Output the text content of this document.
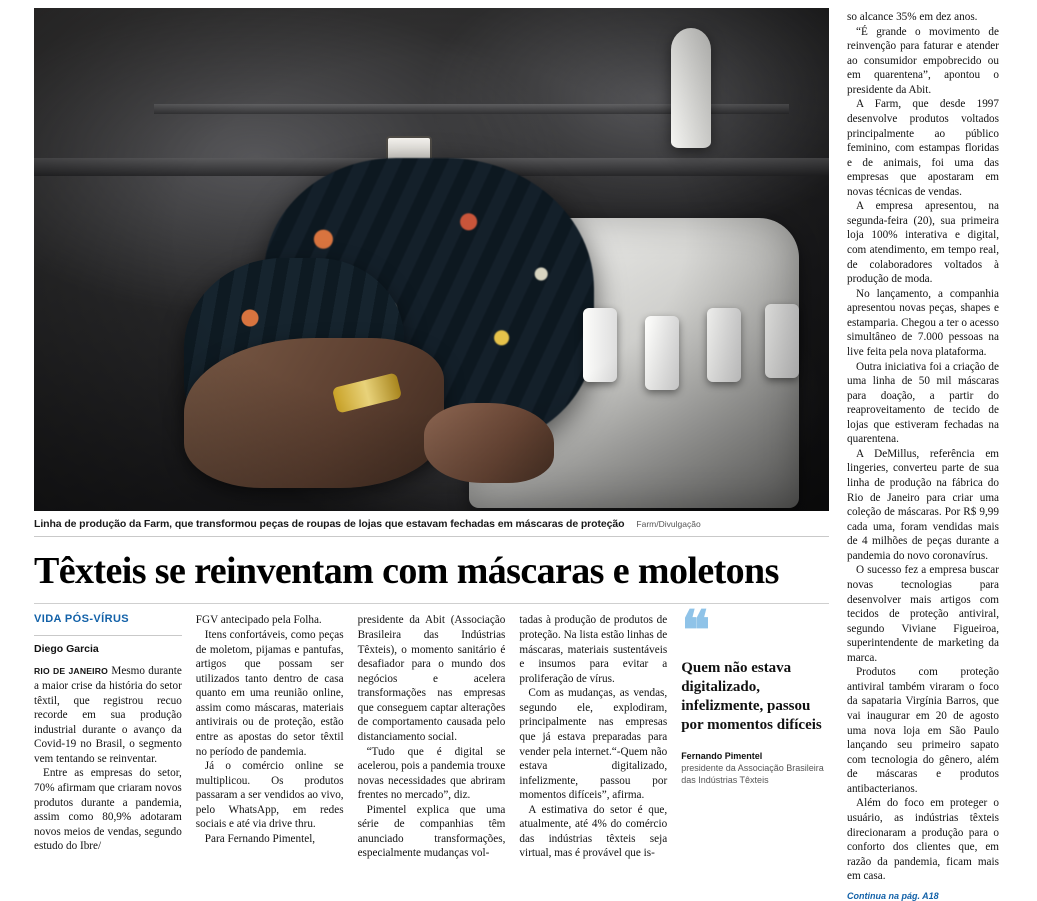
Linha de produção da Farm, que transformou peças de roupas de lojas que estavam fechadas em máscaras de proteção Farm/Divulgação
Têxteis se reinventam com máscaras e moletons
VIDA PÓS-VÍRUS
Diego Garcia

RIO DE JANEIRO Mesmo durante a maior crise da história do setor têxtil, que registrou recuo recorde em sua produção industrial durante o avanço da Covid-19 no Brasil, o segmento vem tentando se reinventar.

Entre as empresas do setor, 70% afirmam que criaram novos produtos durante a pandemia, assim como 80,9% adotaram novos meios de vendas, segundo estudo do Ibre/

FGV antecipado pela Folha.

Itens confortáveis, como peças de moletom, pijamas e pantufas, artigos que possam ser utilizados tanto dentro de casa quanto em uma reunião online, assim como máscaras, materiais antivirais ou de proteção, estão entre as apostas do setor têxtil no período de pandemia.

Já o comércio online se multiplicou. Os produtos passaram a ser vendidos ao vivo, pelo WhatsApp, em redes sociais e até via drive thru.

Para Fernando Pimentel,

presidente da Abit (Associação Brasileira das Indústrias Têxteis), o momento sanitário é desafiador para o mundo dos negócios e acelera transformações nas empresas que conseguem captar alterações de comportamento causada pelo distanciamento social.

“Tudo que é digital se acelerou, pois a pandemia trouxe novas necessidades que abriram frentes no mercado”, diz.

Pimentel explica que uma série de companhias têm anunciado transformações, especialmente mudanças vol-

tadas à produção de produtos de proteção. Na lista estão linhas de máscaras, materiais sustentáveis e insumos para evitar a proliferação de vírus.

Com as mudanças, as vendas, segundo ele, explodiram, principalmente nas empresas que já estava preparadas para vender pela internet.“-Quem não estava digitalizado, infelizmente, passou por momentos difíceis”, afirma.

A estimativa do setor é que, atualmente, até 4% do comércio das indústrias têxteis seja virtual, mas é provável que is-

❝
Quem não estava digitalizado, infelizmente, passou por momentos difíceis
Fernando Pimentel
presidente da Associação Brasileira das Indústrias Têxteis

so alcance 35% em dez anos.

“É grande o movimento de reinvenção para faturar e atender ao consumidor empobrecido ou em quarentena”, apontou o presidente da Abit.

A Farm, que desde 1997 desenvolve produtos voltados principalmente ao público feminino, com estampas floridas e de animais, foi uma das empresas que apostaram em novas técnicas de vendas.

A empresa apresentou, na segunda-feira (20), sua primeira loja 100% interativa e digital, com atendimento, em tempo real, de colaboradores voltados à produção de moda.

No lançamento, a companhia apresentou novas peças, shapes e estamparia. Chegou a ter o acesso simultâneo de 7.000 pessoas na live feita pela nova plataforma.

Outra iniciativa foi a criação de uma linha de 50 mil máscaras para doação, a partir do reaproveitamento de tecido de lojas que estiveram fechadas na quarentena.

A DeMillus, referência em lingeries, converteu parte de sua linha de produção na fábrica do Rio de Janeiro para criar uma coleção de máscaras. Por R$ 9,99 cada uma, foram vendidas mais de 4 milhões de peças durante a pandemia do novo coronavírus.

O sucesso fez a empresa buscar novas tecnologias para desenvolver mais artigos com tecidos de proteção antiviral, segundo Viviane Figueiroa, superintendente de marketing da marca.

Produtos com proteção antiviral também viraram o foco da sapataria Virgínia Barros, que vai inaugurar em 20 de agosto uma nova loja em São Paulo lançando seu primeiro sapato com tecnologia do gênero, além de máscaras e produtos antibacterianos.

Além do foco em proteger o usuário, as indústrias têxteis direcionaram a produção para o conforto dos clientes que, em razão da pandemia, ficam mais em casa.

Continua na pág. A18
